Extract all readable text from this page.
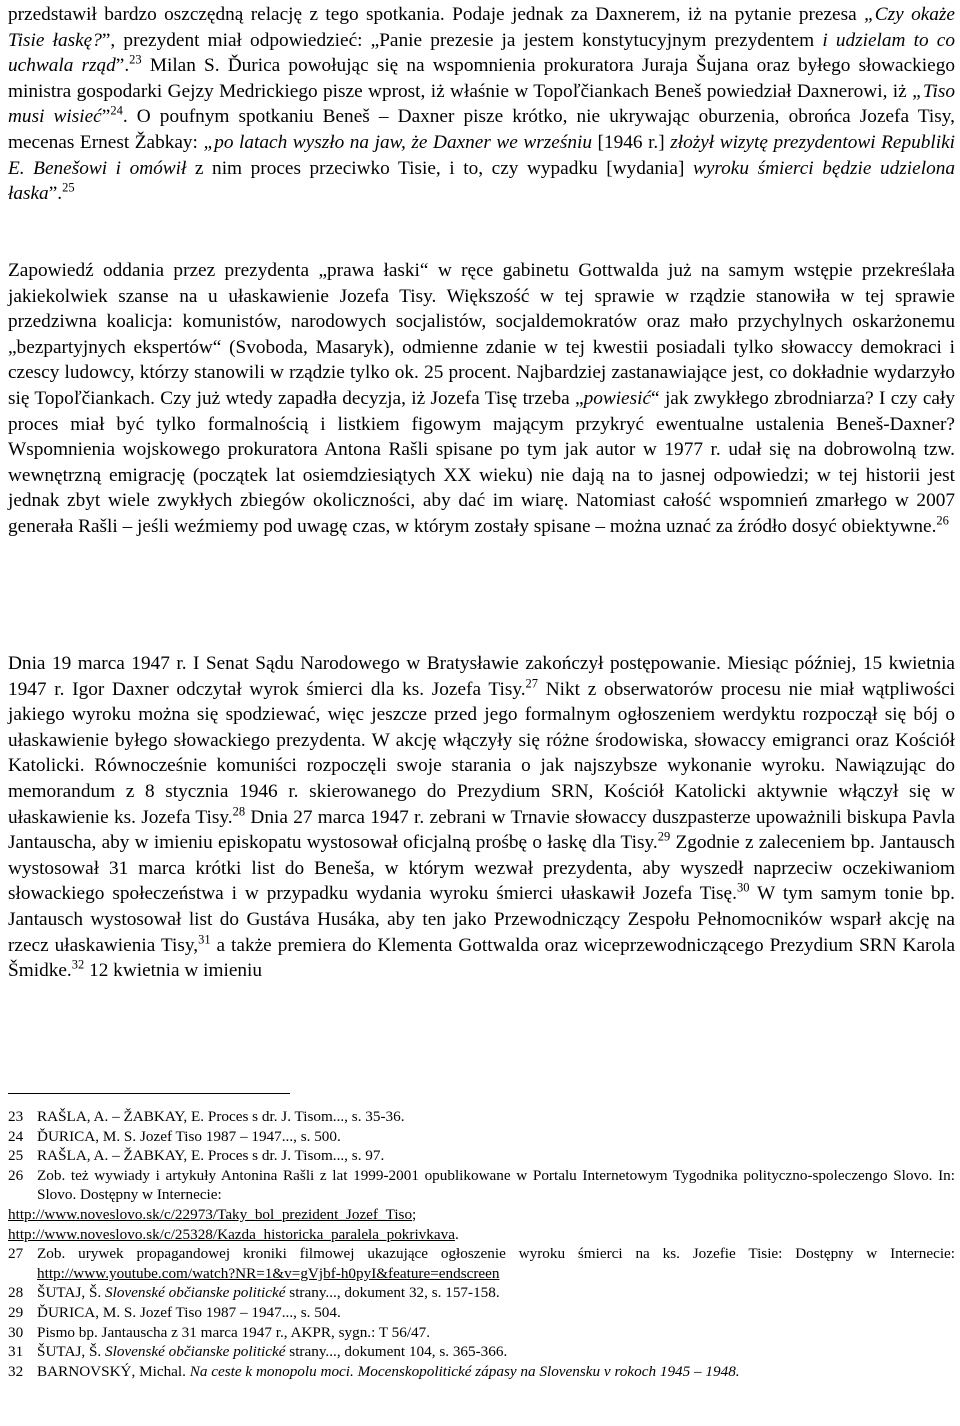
przedstawił bardzo oszczędną relację z tego spotkania. Podaje jednak za Daxnerem, iż na pytanie prezesa „Czy okaże Tisie łaskę?”, prezydent miał odpowiedzieć: „Panie prezesie ja jestem konstytucyjnym prezydentem i udzielam to co uchwala rząd”.$^{23}$ Milan S. Ďurica powołując się na wspomnienia prokuratora Juraja Šujana oraz byłego słowackiego ministra gospodarki Gejzy Medrickiego pisze wprost, iż właśnie w Topoľčiankach Beneš powiedział Daxnerowi, iż „Tiso musi wisieć”$^{24}$. O poufnym spotkaniu Beneš – Daxner pisze krótko, nie ukrywając oburzenia, obrońca Jozefa Tisy, mecenas Ernest Žabkay: „po latach wyszło na jaw, że Daxner we wrześniu [1946 r.] złożył wizytę prezydentowi Republiki E. Benešowi i omówił z nim proces przeciwko Tisie, i to, czy wypadku [wydania] wyroku śmierci będzie udzielona łaska”.$^{25}$

Zapowiedź oddania przez prezydenta „prawa łaski“ w ręce gabinetu Gottwalda już na samym wstępie przekreślała jakiekolwiek szanse na u ułaskawienie Jozefa Tisy. Większość w tej sprawie w rządzie stanowiła w tej sprawie przedziwna koalicja: komunistów, narodowych socjalistów, socjaldemokratów oraz mało przychylnych oskarżonemu „bezpartyjnych ekspertów“ (Svoboda, Masaryk), odmienne zdanie w tej kwestii posiadali tylko słowaccy demokraci i czescy ludowcy, którzy stanowili w rządzie tylko ok. 25 procent. Najbardziej zastanawiające jest, co dokładnie wydarzyło się Topoľčiankach. Czy już wtedy zapadła decyzja, iż Jozefa Tisę trzeba „powiesić“ jak zwykłego zbrodniarza? I czy cały proces miał być tylko formalnością i listkiem figowym mającym przykryć ewentualne ustalenia Beneš-Daxner? Wspomnienia wojskowego prokuratora Antona Rašli spisane po tym jak autor w 1977 r. udał się na dobrowolną tzw. wewnętrzną emigrację (początek lat osiemdziesiątych XX wieku) nie dają na to jasnej odpowiedzi; w tej historii jest jednak zbyt wiele zwykłych zbiegów okoliczności, aby dać im wiarę. Natomiast całość wspomnień zmarłego w 2007 generała Rašli – jeśli weźmiemy pod uwagę czas, w którym zostały spisane – można uznać za źródło dosyć obiektywne.$^{26}$

Dnia 19 marca 1947 r. I Senat Sądu Narodowego w Bratysławie zakończył postępowanie. Miesiąc później, 15 kwietnia 1947 r. Igor Daxner odczytał wyrok śmierci dla ks. Jozefa Tisy.$^{27}$ Nikt z obserwatorów procesu nie miał wątpliwości jakiego wyroku można się spodziewać, więc jeszcze przed jego formalnym ogłoszeniem werdyktu rozpoczął się bój o ułaskawienie byłego słowackiego prezydenta. W akcję włączyły się różne środowiska, słowaccy emigranci oraz Kościół Katolicki. Równocześnie komuniści rozpoczęli swoje starania o jak najszybsze wykonanie wyroku. Nawiązując do memorandum z 8 stycznia 1946 r. skierowanego do Prezydium SRN, Kościół Katolicki aktywnie włączył się w ułaskawienie ks. Jozefa Tisy.$^{28}$ Dnia 27 marca 1947 r. zebrani w Trnavie słowaccy duszpasterze upoważnili biskupa Pavla Jantauscha, aby w imieniu episkopatu wystosował oficjalną prośbę o łaskę dla Tisy.$^{29}$ Zgodnie z zaleceniem bp. Jantausch wystosował 31 marca krótki list do Beneša, w którym wezwał prezydenta, aby wyszedł naprzeciw oczekiwaniom słowackiego społeczeństwa i w przypadku wydania wyroku śmierci ułaskawił Jozefa Tisę.$^{30}$ W tym samym tonie bp. Jantausch wystosował list do Gustáva Husáka, aby ten jako Przewodniczący Zespołu Pełnomocników wsparł akcję na rzecz ułaskawienia Tisy,$^{31}$ a także premiera do Klementa Gottwalda oraz wiceprzewodniczącego Prezydium SRN Karola Šmidke.$^{32}$ 12 kwietnia w imieniu

23 RAŠLA, A. – ŽABKAY, E. Proces s dr. J. Tisom..., s. 35-36.
24 ĎURICA, M. S. Jozef Tiso 1987 – 1947..., s. 500.
25 RAŠLA, A. – ŽABKAY, E. Proces s dr. J. Tisom..., s. 97.
26 Zob. też wywiady i artykuły Antonina Rašli z lat 1999-2001 opublikowane w Portalu Internetowym Tygodnika polityczno-spoleczengo Slovo. In: Slovo. Dostępny w Internecie:
http://www.noveslovo.sk/c/22973/Taky_bol_prezident_Jozef_Tiso;
http://www.noveslovo.sk/c/25328/Kazda_historicka_paralela_pokrivkava.
27 Zob. urywek propagandowej kroniki filmowej ukazujące ogłoszenie wyroku śmierci na ks. Jozefie Tisie: Dostępny w Internecie: http://www.youtube.com/watch?NR=1&v=gVjbf-h0pyI&feature=endscreen
28 ŠUTAJ, Š. Slovenské občianske politické strany..., dokument 32, s. 157-158.
29 ĎURICA, M. S. Jozef Tiso 1987 – 1947..., s. 504.
30 Pismo bp. Jantauscha z 31 marca 1947 r., AKPR, sygn.: T 56/47.
31 ŠUTAJ, Š. Slovenské občianske politické strany..., dokument 104, s. 365-366.
32 BARNOVSKÝ, Michal. Na ceste k monopolu moci. Mocenskopolitické zápasy na Slovensku v rokoch 1945 – 1948.
